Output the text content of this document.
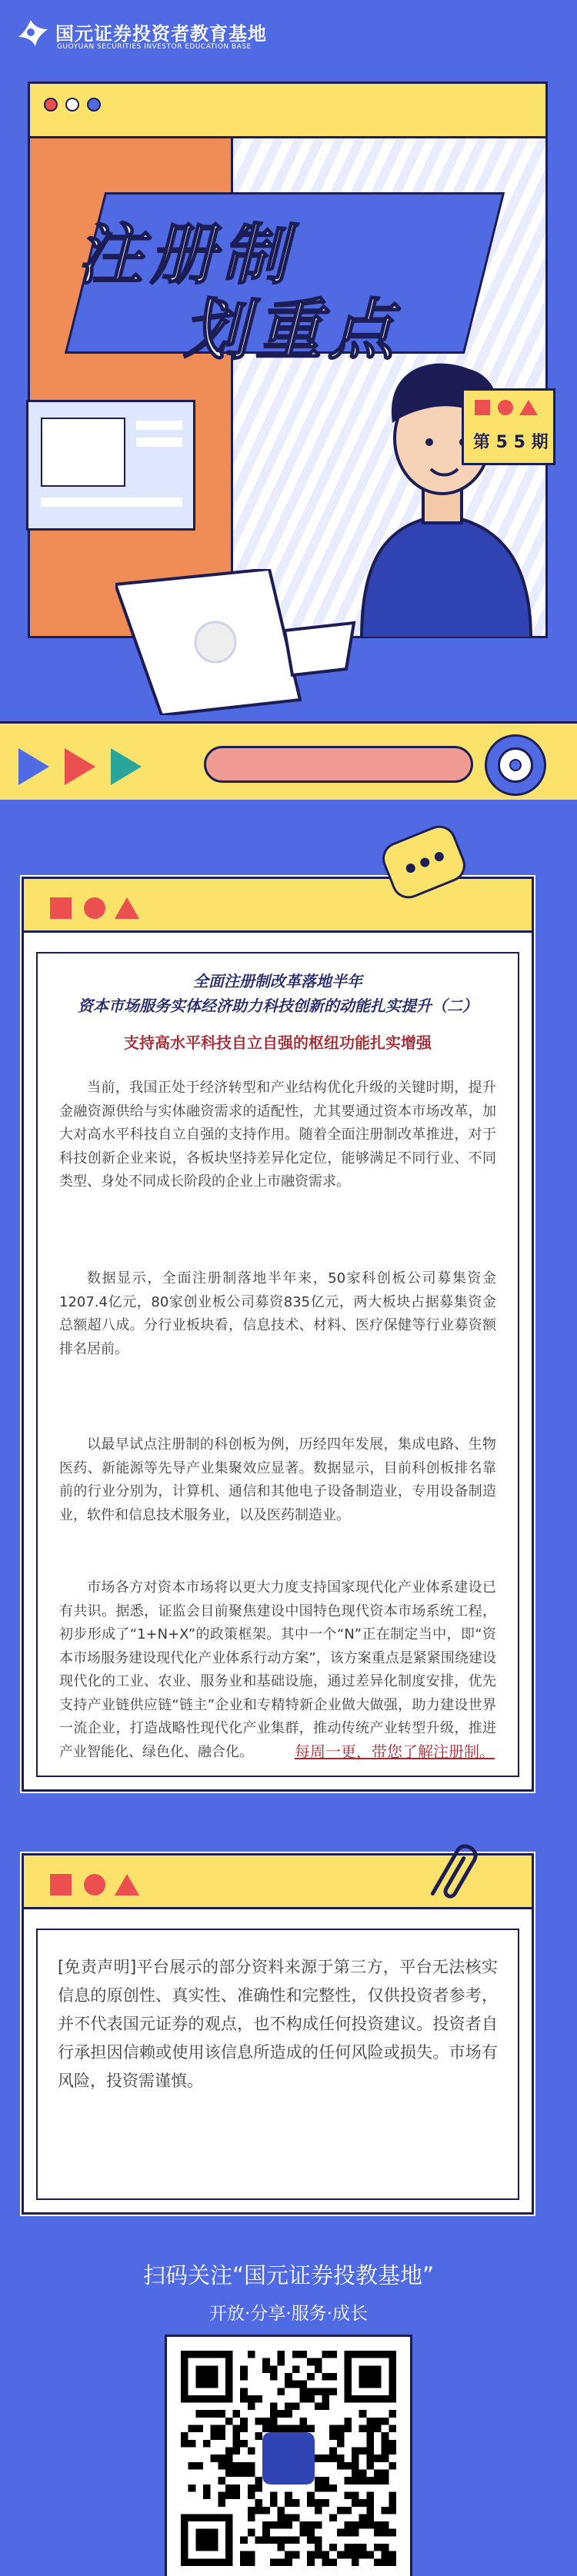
国元证券投资者教育基地
GUOYUAN SECURITIES INVESTOR EDUCATION BASE
注册制
划重点
第 5 5 期
全面注册制改革落地半年
资本市场服务实体经济助力科技创新的动能扎实提升（二）
支持高水平科技自立自强的枢纽功能扎实增强

当前，我国正处于经济转型和产业结构优化升级的关键时期，提升金融资源供给与实体融资需求的适配性，尤其要通过资本市场改革，加大对高水平科技自立自强的支持作用。随着全面注册制改革推进，对于科技创新企业来说，各板块坚持差异化定位，能够满足不同行业、不同类型、身处不同成长阶段的企业上市融资需求。

数据显示，全面注册制落地半年来，50家科创板公司募集资金1207.4亿元，80家创业板公司募资835亿元，两大板块占据募集资金总额超八成。分行业板块看，信息技术、材料、医疗保健等行业募资额排名居前。

以最早试点注册制的科创板为例，历经四年发展，集成电路、生物医药、新能源等先导产业集聚效应显著。数据显示，目前科创板排名靠前的行业分别为，计算机、通信和其他电子设备制造业，专用设备制造业，软件和信息技术服务业，以及医药制造业。

市场各方对资本市场将以更大力度支持国家现代化产业体系建设已有共识。据悉，证监会目前聚焦建设中国特色现代资本市场系统工程，初步形成了“1+N+X”的政策框架。其中一个“N”正在制定当中，即“资本市场服务建设现代化产业体系行动方案”，该方案重点是紧紧围绕建设现代化的工业、农业、服务业和基础设施，通过差异化制度安排，优先支持产业链供应链“链主”企业和专精特新企业做大做强，助力建设世界一流企业，打造战略性现代化产业集群，推动传统产业转型升级，推进产业智能化、绿色化、融合化。	每周一更，带您了解注册制。

[免责声明]平台展示的部分资料来源于第三方，平台无法核实信息的原创性、真实性、准确性和完整性，仅供投资者参考，并不代表国元证券的观点，也不构成任何投资建议。投资者自行承担因信赖或使用该信息所造成的任何风险或损失。市场有风险，投资需谨慎。

扫码关注“国元证券投教基地”
开放·分享·服务·成长
